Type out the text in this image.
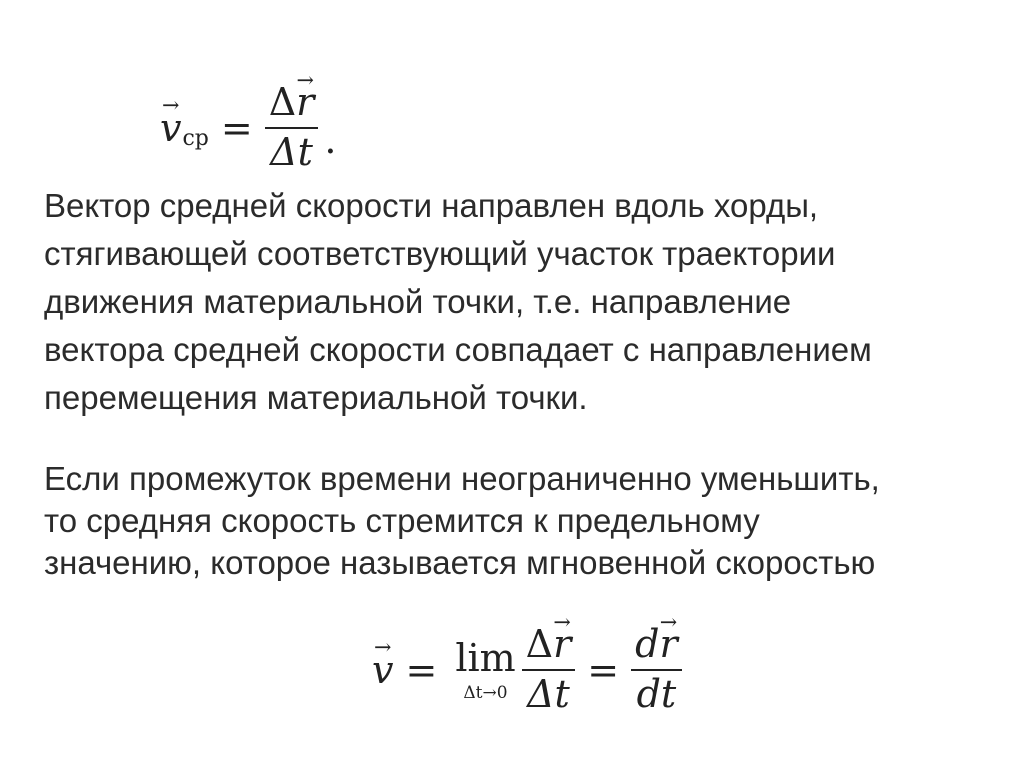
→ v ср = $\frac{\Delta\to r}{\Delta t}$ .

Вектор средней скорости направлен вдоль хорды,
стягивающей соответствующий участок траектории
движения материальной точки, т.е. направление
вектора средней скорости совпадает с направлением
перемещения материальной точки.

Если промежуток времени неограниченно уменьшить,
то средняя скорость стремится к предельному
значению, которое называется мгновенной скоростью

→ v = lim
$\Delta t\to 0 \frac{\Delta\to r}{\Delta t} = \frac{d\to r}{dt}$
